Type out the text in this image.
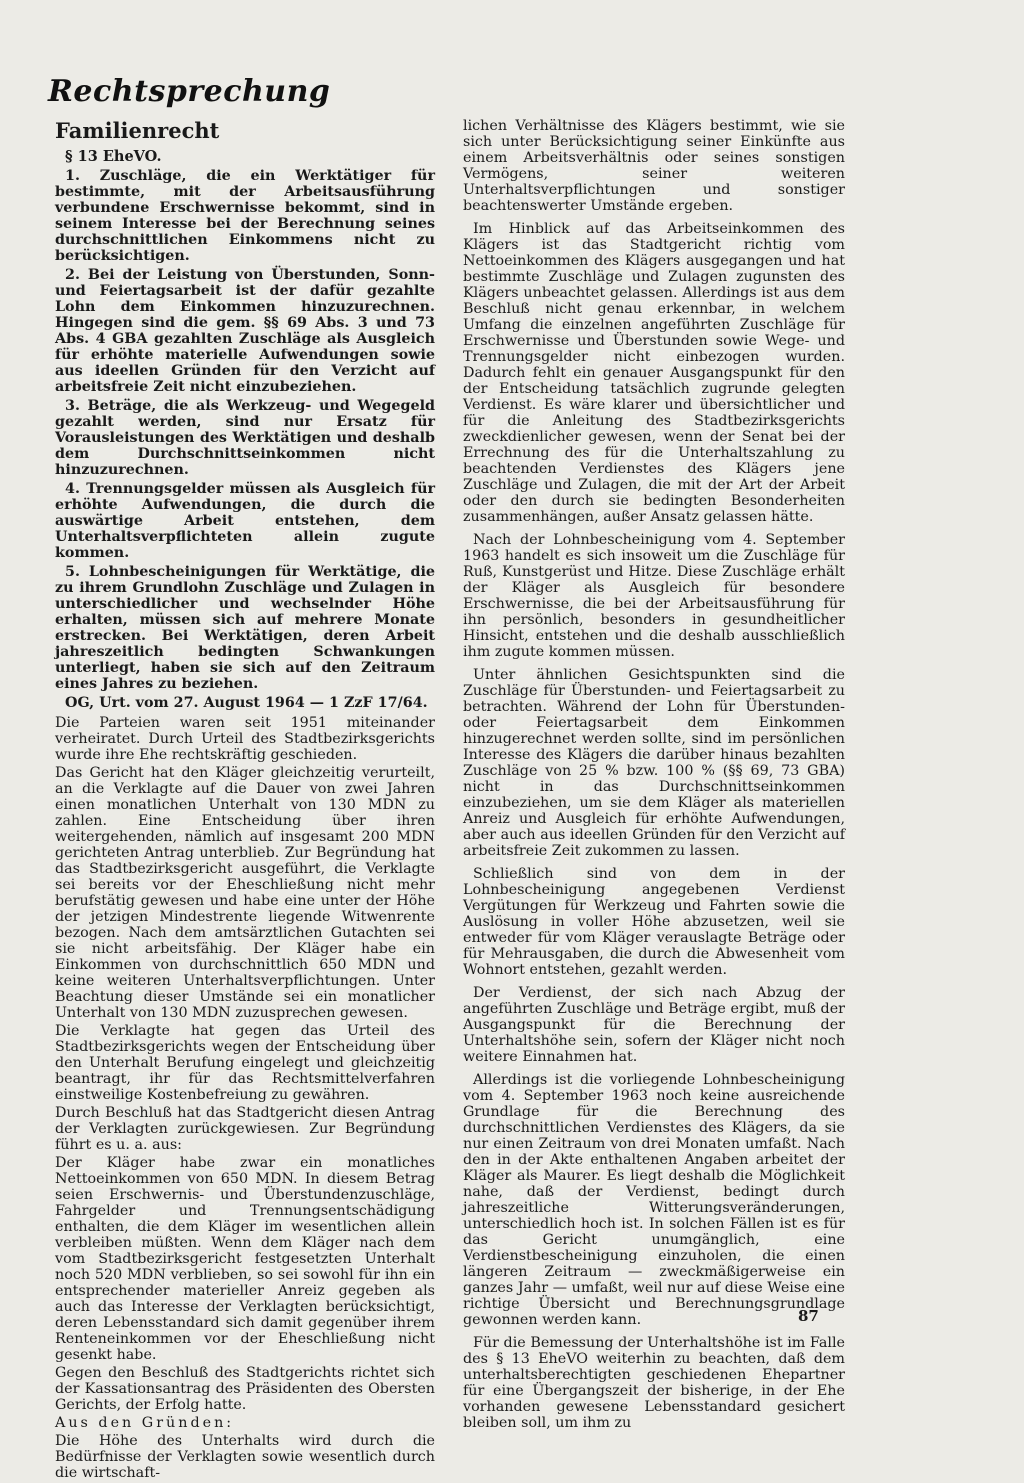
Rechtsprechung
Familienrecht
§ 13 EheVO.
1. Zuschläge, die ein Werktätiger für bestimmte, mit der Arbeitsausführung verbundene Erschwernisse bekommt, sind in seinem Interesse bei der Berechnung seines durchschnittlichen Einkommens nicht zu berücksichtigen.
2. Bei der Leistung von Überstunden, Sonn- und Feiertagsarbeit ist der dafür gezahlte Lohn dem Einkommen hinzuzurechnen. Hingegen sind die gem. §§ 69 Abs. 3 und 73 Abs. 4 GBA gezahlten Zuschläge als Ausgleich für erhöhte materielle Aufwendungen sowie aus ideellen Gründen für den Verzicht auf arbeitsfreie Zeit nicht einzubeziehen.
3. Beträge, die als Werkzeug- und Wegegeld gezahlt werden, sind nur Ersatz für Vorausleistungen des Werktätigen und deshalb dem Durchschnittseinkommen nicht hinzuzurechnen.
4. Trennungsgelder müssen als Ausgleich für erhöhte Aufwendungen, die durch die auswärtige Arbeit entstehen, dem Unterhaltsverpflichteten allein zugute kommen.
5. Lohnbescheinigungen für Werktätige, die zu ihrem Grundlohn Zuschläge und Zulagen in unterschiedlicher und wechselnder Höhe erhalten, müssen sich auf mehrere Monate erstrecken. Bei Werktätigen, deren Arbeit jahreszeitlich bedingten Schwankungen unterliegt, haben sie sich auf den Zeitraum eines Jahres zu beziehen.
OG, Urt. vom 27. August 1964 — 1 ZzF 17/64.
Die Parteien waren seit 1951 miteinander verheiratet. Durch Urteil des Stadtbezirksgerichts wurde ihre Ehe rechtskräftig geschieden.
Das Gericht hat den Kläger gleichzeitig verurteilt, an die Verklagte auf die Dauer von zwei Jahren einen monatlichen Unterhalt von 130 MDN zu zahlen. Eine Entscheidung über ihren weitergehenden, nämlich auf insgesamt 200 MDN gerichteten Antrag unterblieb. Zur Begründung hat das Stadtbezirksgericht ausgeführt, die Verklagte sei bereits vor der Eheschließung nicht mehr berufstätig gewesen und habe eine unter der Höhe der jetzigen Mindestrente liegende Witwenrente bezogen. Nach dem amtsärztlichen Gutachten sei sie nicht arbeitsfähig. Der Kläger habe ein Einkommen von durchschnittlich 650 MDN und keine weiteren Unterhaltsverpflichtungen. Unter Beachtung dieser Umstände sei ein monatlicher Unterhalt von 130 MDN zuzusprechen gewesen.
Die Verklagte hat gegen das Urteil des Stadtbezirksgerichts wegen der Entscheidung über den Unterhalt Berufung eingelegt und gleichzeitig beantragt, ihr für das Rechtsmittelverfahren einstweilige Kostenbefreiung zu gewähren.
Durch Beschluß hat das Stadtgericht diesen Antrag der Verklagten zurückgewiesen. Zur Begründung führt es u. a. aus:
Der Kläger habe zwar ein monatliches Nettoeinkommen von 650 MDN. In diesem Betrag seien Erschwernis- und Überstundenzuschläge, Fahrgelder und Trennungsentschädigung enthalten, die dem Kläger im wesentlichen allein verbleiben müßten. Wenn dem Kläger nach dem vom Stadtbezirksgericht festgesetzten Unterhalt noch 520 MDN verblieben, so sei sowohl für ihn ein entsprechender materieller Anreiz gegeben als auch das Interesse der Verklagten berücksichtigt, deren Lebensstandard sich damit gegenüber ihrem Renteneinkommen vor der Eheschließung nicht gesenkt habe.
Gegen den Beschluß des Stadtgerichts richtet sich der Kassationsantrag des Präsidenten des Obersten Gerichts, der Erfolg hatte.
Aus den Gründen:
Die Höhe des Unterhalts wird durch die Bedürfnisse der Verklagten sowie wesentlich durch die wirtschaft-
lichen Verhältnisse des Klägers bestimmt, wie sie sich unter Berücksichtigung seiner Einkünfte aus einem Arbeitsverhältnis oder seines sonstigen Vermögens, seiner weiteren Unterhaltsverpflichtungen und sonstiger beachtenswerter Umstände ergeben.
Im Hinblick auf das Arbeitseinkommen des Klägers ist das Stadtgericht richtig vom Nettoeinkommen des Klägers ausgegangen und hat bestimmte Zuschläge und Zulagen zugunsten des Klägers unbeachtet gelassen. Allerdings ist aus dem Beschluß nicht genau erkennbar, in welchem Umfang die einzelnen angeführten Zuschläge für Erschwernisse und Überstunden sowie Wege- und Trennungsgelder nicht einbezogen wurden. Dadurch fehlt ein genauer Ausgangspunkt für den der Entscheidung tatsächlich zugrunde gelegten Verdienst. Es wäre klarer und übersichtlicher und für die Anleitung des Stadtbezirksgerichts zweckdienlicher gewesen, wenn der Senat bei der Errechnung des für die Unterhaltszahlung zu beachtenden Verdienstes des Klägers jene Zuschläge und Zulagen, die mit der Art der Arbeit oder den durch sie bedingten Besonderheiten zusammenhängen, außer Ansatz gelassen hätte.
Nach der Lohnbescheinigung vom 4. September 1963 handelt es sich insoweit um die Zuschläge für Ruß, Kunstgerüst und Hitze. Diese Zuschläge erhält der Kläger als Ausgleich für besondere Erschwernisse, die bei der Arbeitsausführung für ihn persönlich, besonders in gesundheitlicher Hinsicht, entstehen und die deshalb ausschließlich ihm zugute kommen müssen.
Unter ähnlichen Gesichtspunkten sind die Zuschläge für Überstunden- und Feiertagsarbeit zu betrachten. Während der Lohn für Überstunden- oder Feiertagsarbeit dem Einkommen hinzugerechnet werden sollte, sind im persönlichen Interesse des Klägers die darüber hinaus bezahlten Zuschläge von 25 % bzw. 100 % (§§ 69, 73 GBA) nicht in das Durchschnittseinkommen einzubeziehen, um sie dem Kläger als materiellen Anreiz und Ausgleich für erhöhte Aufwendungen, aber auch aus ideellen Gründen für den Verzicht auf arbeitsfreie Zeit zukommen zu lassen.
Schließlich sind von dem in der Lohnbescheinigung angegebenen Verdienst Vergütungen für Werkzeug und Fahrten sowie die Auslösung in voller Höhe abzusetzen, weil sie entweder für vom Kläger verauslagte Beträge oder für Mehrausgaben, die durch die Abwesenheit vom Wohnort entstehen, gezahlt werden.
Der Verdienst, der sich nach Abzug der angeführten Zuschläge und Beträge ergibt, muß der Ausgangspunkt für die Berechnung der Unterhaltshöhe sein, sofern der Kläger nicht noch weitere Einnahmen hat.
Allerdings ist die vorliegende Lohnbescheinigung vom 4. September 1963 noch keine ausreichende Grundlage für die Berechnung des durchschnittlichen Verdienstes des Klägers, da sie nur einen Zeitraum von drei Monaten umfaßt. Nach den in der Akte enthaltenen Angaben arbeitet der Kläger als Maurer. Es liegt deshalb die Möglichkeit nahe, daß der Verdienst, bedingt durch jahreszeitliche Witterungsveränderungen, unterschiedlich hoch ist. In solchen Fällen ist es für das Gericht unumgänglich, eine Verdienstbescheinigung einzuholen, die einen längeren Zeitraum — zweckmäßigerweise ein ganzes Jahr — umfaßt, weil nur auf diese Weise eine richtige Übersicht und Berechnungsgrundlage gewonnen werden kann.
Für die Bemessung der Unterhaltshöhe ist im Falle des § 13 EheVO weiterhin zu beachten, daß dem unterhaltsberechtigten geschiedenen Ehepartner für eine Übergangszeit der bisherige, in der Ehe vorhanden gewesene Lebensstandard gesichert bleiben soll, um ihm zu
87
